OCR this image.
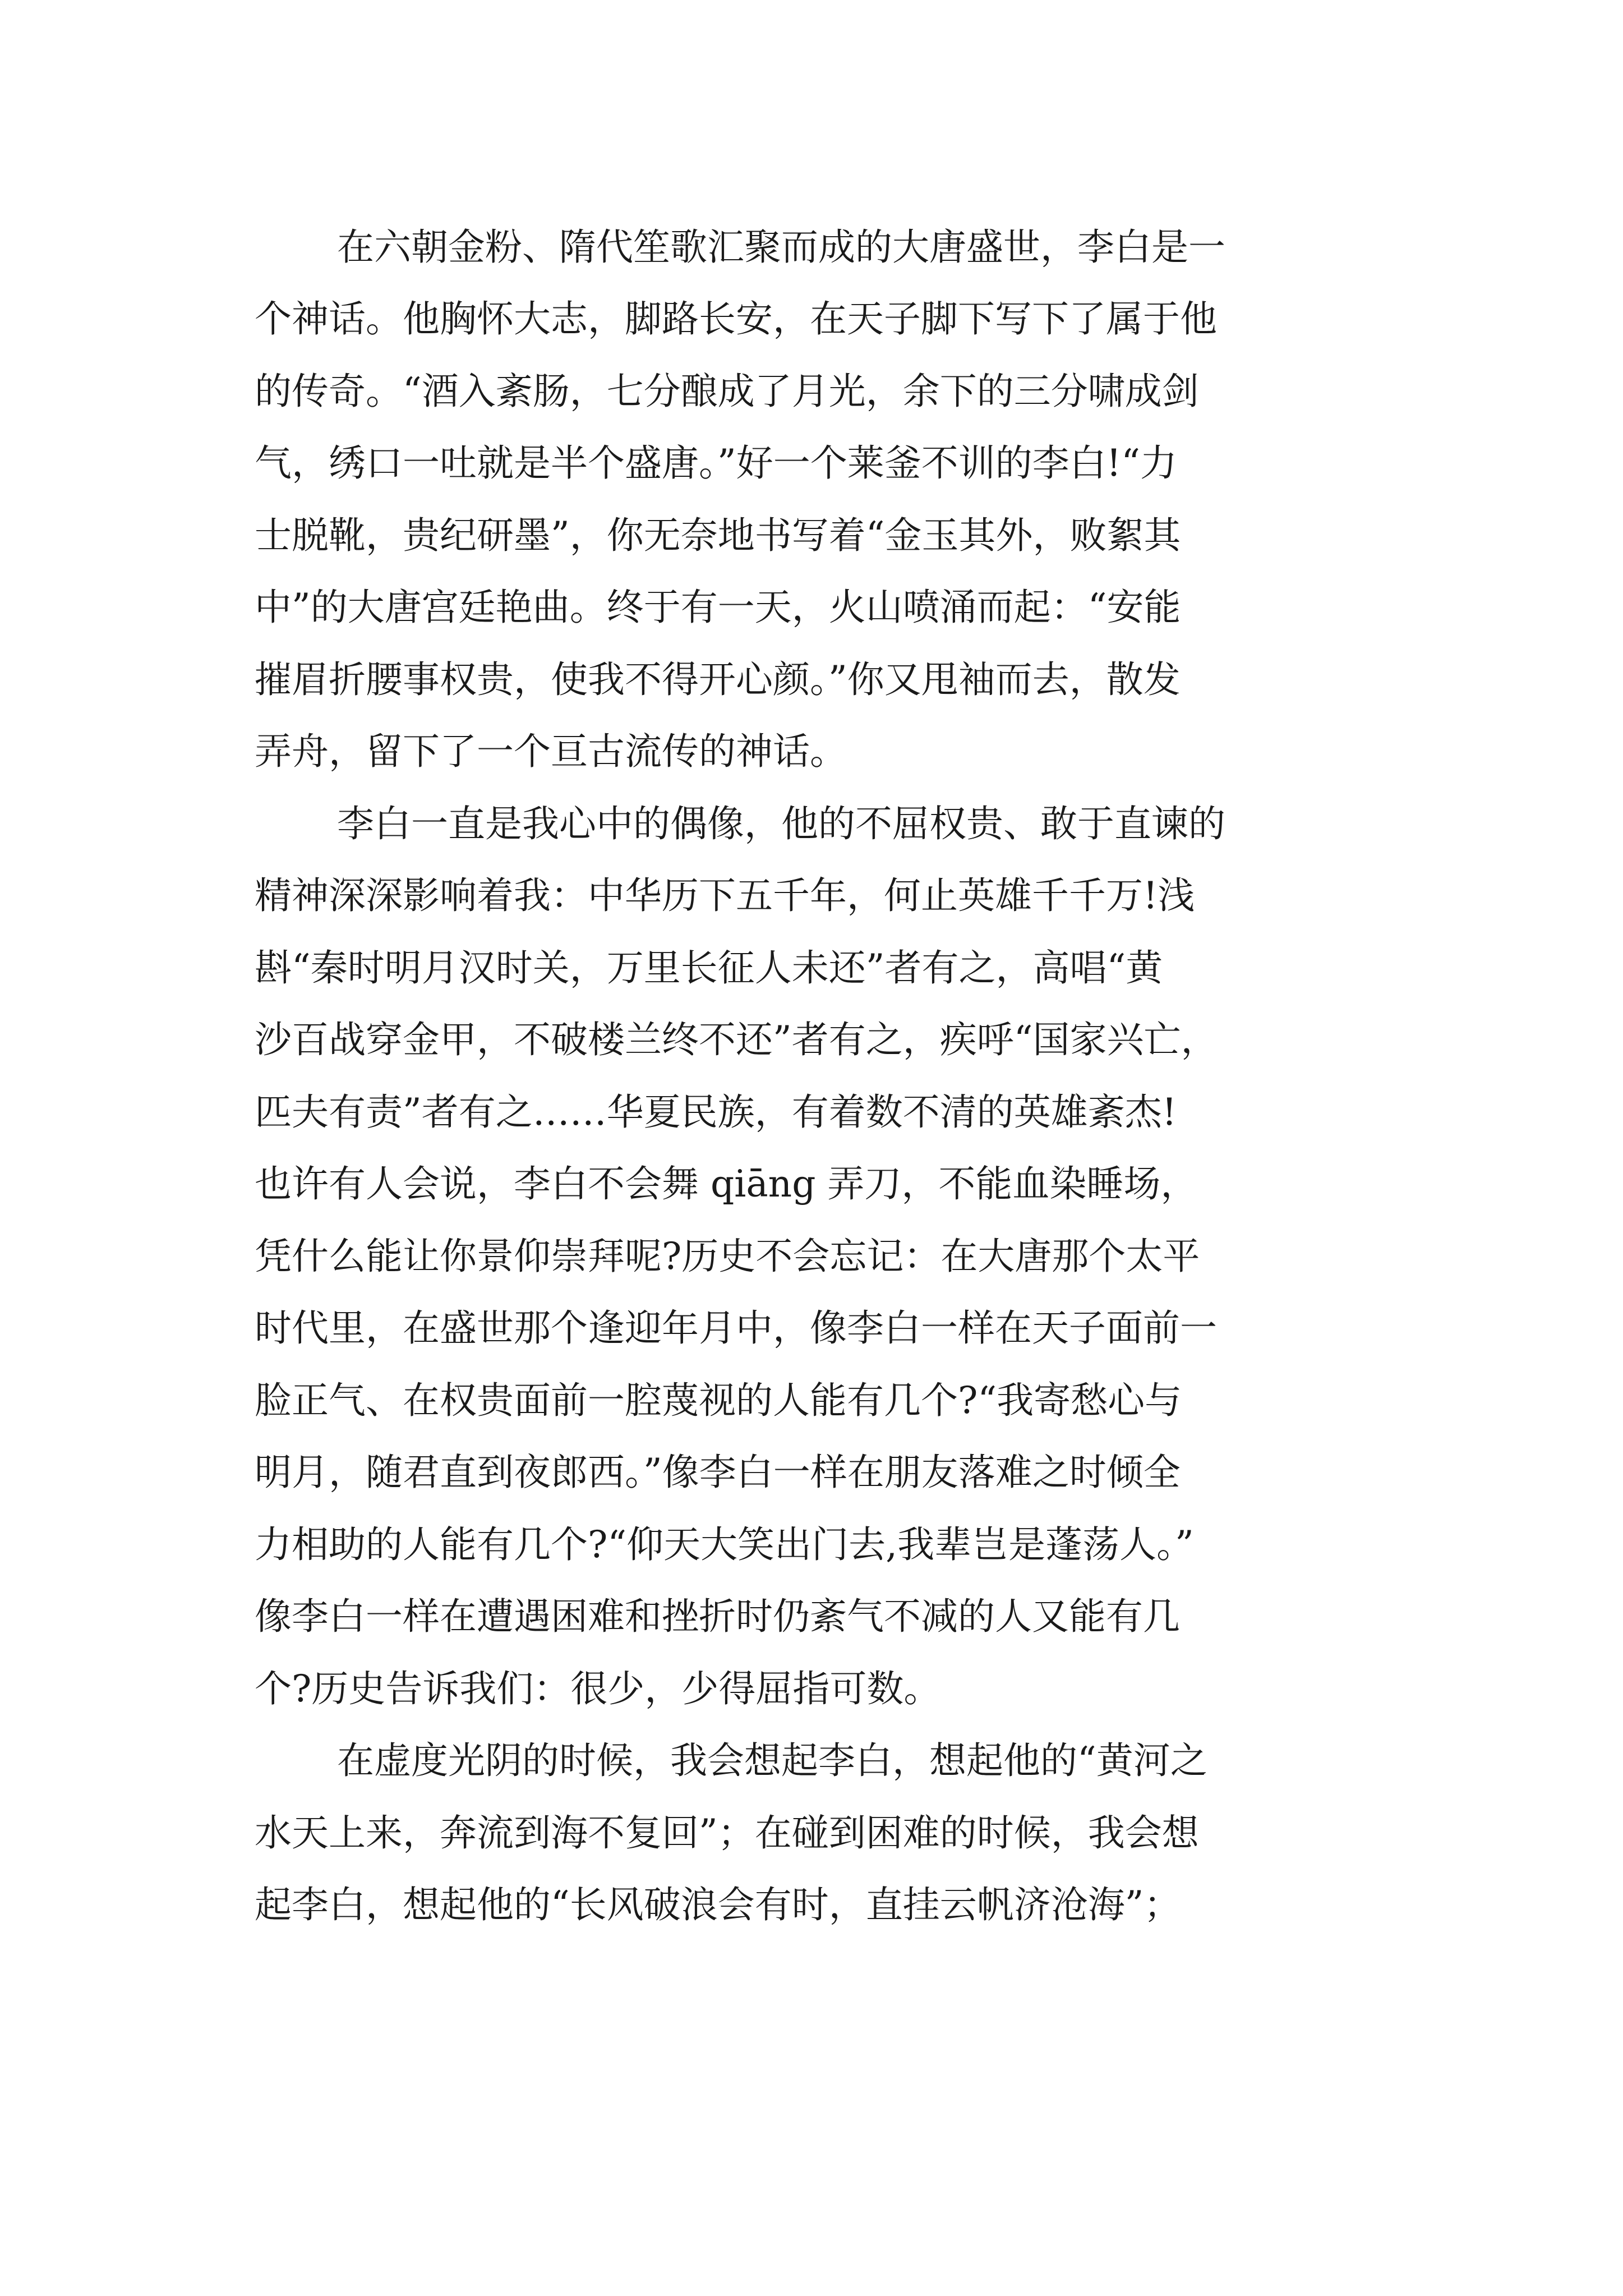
在六朝金粉、隋代笙歌汇聚而成的大唐盛世，李白是一

个神话。他胸怀大志，脚路长安，在天子脚下写下了属于他

的传奇。“酒入紊肠，七分酿成了月光，余下的三分啸成剑

气，绣口一吐就是半个盛唐。”好一个莱釜不训的李白!“力

士脱靴，贵纪研墨”，你无奈地书写着“金玉其外，败絮其

中”的大唐宫廷艳曲。终于有一天，火山喷涌而起：“安能

摧眉折腰事权贵，使我不得开心颜。”你又甩袖而去，散发

弄舟，留下了一个亘古流传的神话。

李白一直是我心中的偶像，他的不屈权贵、敢于直谏的

精神深深影响着我：中华历下五千年，何止英雄千千万!浅

斟“秦时明月汉时关，万里长征人未还”者有之，高唱“黄

沙百战穿金甲，不破楼兰终不还”者有之，疾呼“国家兴亡，

匹夫有责”者有之……华夏民族，有着数不清的英雄紊杰!

也许有人会说，李白不会舞 qiāng 弄刀，不能血染睡场，

凭什么能让你景仰崇拜呢?历史不会忘记：在大唐那个太平

时代里，在盛世那个逢迎年月中，像李白一样在天子面前一

脸正气、在权贵面前一腔蔑视的人能有几个?“我寄愁心与

明月，随君直到夜郎西。”像李白一样在朋友落难之时倾全

力相助的人能有几个?“仰天大笑出门去,我辈岂是蓬荡人。”

像李白一样在遭遇困难和挫折时仍紊气不减的人又能有几

个?历史告诉我们：很少，少得屈指可数。

在虚度光阴的时候，我会想起李白，想起他的“黄河之

水天上来，奔流到海不复回”；在碰到困难的时候，我会想

起李白，想起他的“长风破浪会有时，直挂云帆济沧海”；
